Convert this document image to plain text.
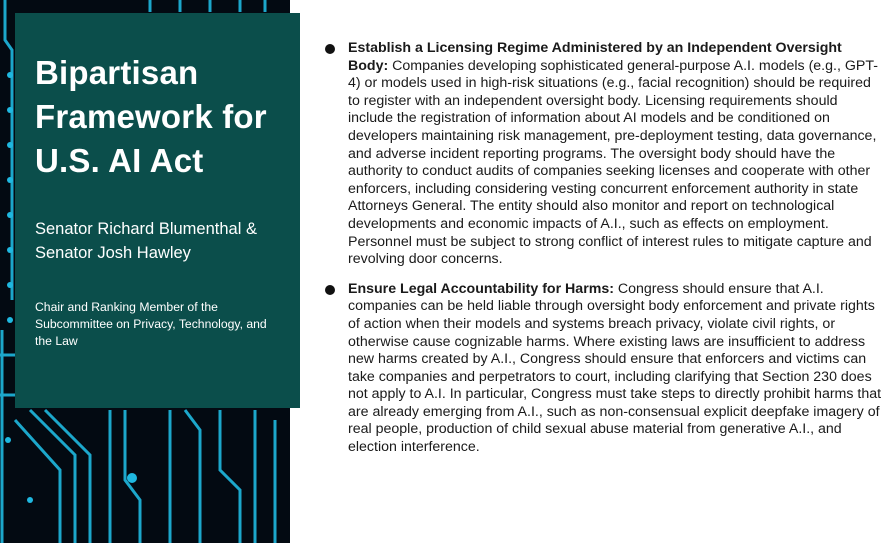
Bipartisan Framework for U.S. AI Act
Senator Richard Blumenthal & Senator Josh Hawley
Chair and Ranking Member of the Subcommittee on Privacy, Technology, and the Law
Establish a Licensing Regime Administered by an Independent Oversight Body: Companies developing sophisticated general-purpose A.I. models (e.g., GPT-4) or models used in high-risk situations (e.g., facial recognition) should be required to register with an independent oversight body. Licensing requirements should include the registration of information about AI models and be conditioned on developers maintaining risk management, pre-deployment testing, data governance, and adverse incident reporting programs. The oversight body should have the authority to conduct audits of companies seeking licenses and cooperate with other enforcers, including considering vesting concurrent enforcement authority in state Attorneys General. The entity should also monitor and report on technological developments and economic impacts of A.I., such as effects on employment. Personnel must be subject to strong conflict of interest rules to mitigate capture and revolving door concerns.
Ensure Legal Accountability for Harms: Congress should ensure that A.I. companies can be held liable through oversight body enforcement and private rights of action when their models and systems breach privacy, violate civil rights, or otherwise cause cognizable harms. Where existing laws are insufficient to address new harms created by A.I., Congress should ensure that enforcers and victims can take companies and perpetrators to court, including clarifying that Section 230 does not apply to A.I. In particular, Congress must take steps to directly prohibit harms that are already emerging from A.I., such as non-consensual explicit deepfake imagery of real people, production of child sexual abuse material from generative A.I., and election interference.
